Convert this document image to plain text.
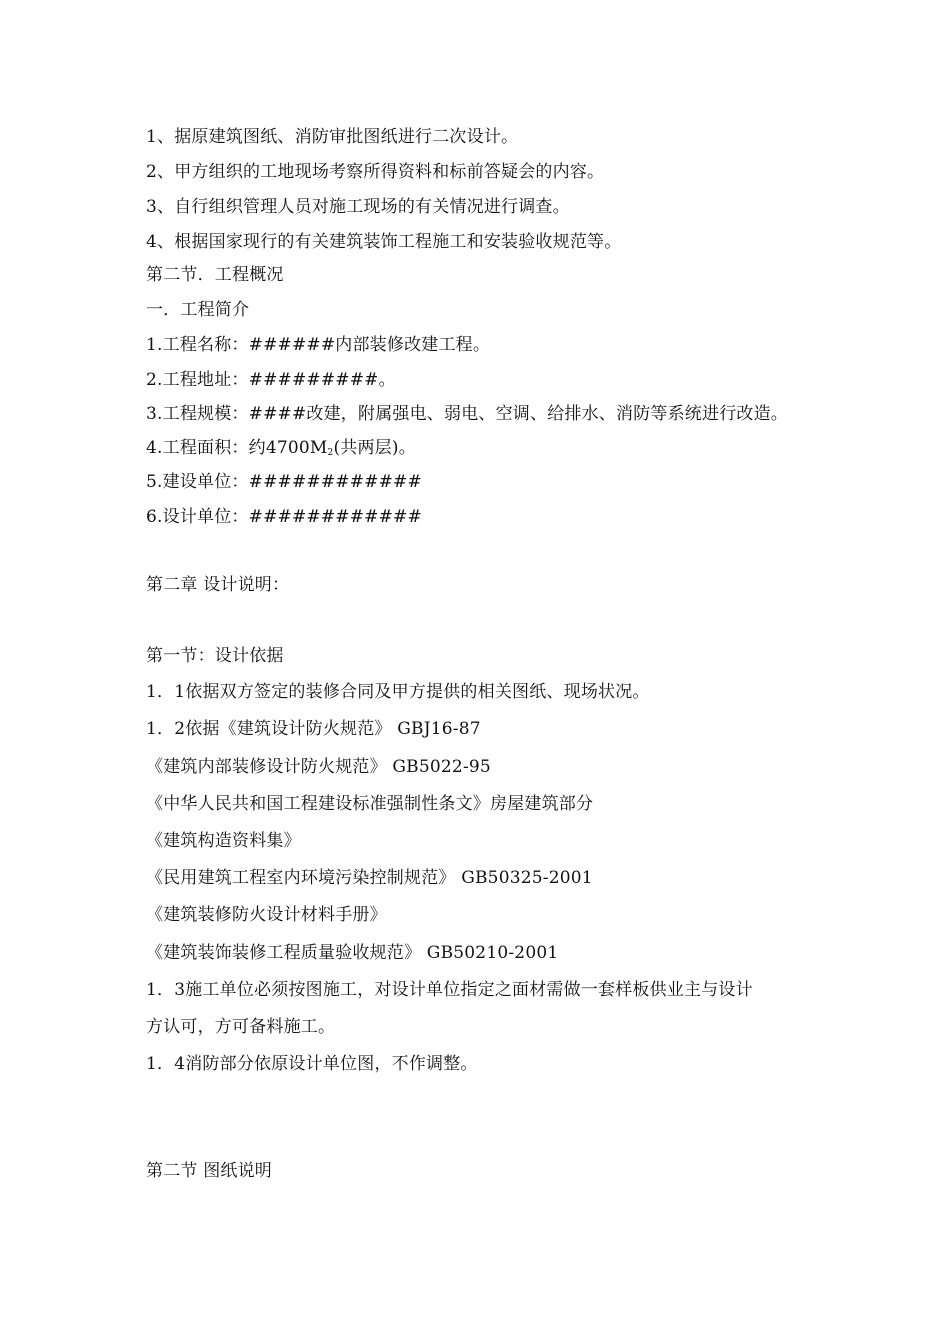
1、据原建筑图纸、消防审批图纸进行二次设计。
2、甲方组织的工地现场考察所得资料和标前答疑会的内容。
3、自行组织管理人员对施工现场的有关情况进行调查。
4、根据国家现行的有关建筑装饰工程施工和安装验收规范等。
第二节．工程概况
一．工程简介
1.工程名称：######内部装修改建工程。
2.工程地址：#########。
3.工程规模：####改建，附属强电、弱电、空调、给排水、消防等系统进行改造。
4.工程面积：约$4700M_2$(共两层)。
5.建设单位：############
6.设计单位：############
第二章 设计说明：
第一节：设计依据
1．1依据双方签定的装修合同及甲方提供的相关图纸、现场状况。
1．2依据《建筑设计防火规范》 GBJ16-87
《建筑内部装修设计防火规范》 GB5022-95
《中华人民共和国工程建设标准强制性条文》房屋建筑部分
《建筑构造资料集》
《民用建筑工程室内环境污染控制规范》 GB50325-2001
《建筑装修防火设计材料手册》
《建筑装饰装修工程质量验收规范》 GB50210-2001
1．3施工单位必须按图施工，对设计单位指定之面材需做一套样板供业主与设计
方认可，方可备料施工。
1．4消防部分依原设计单位图，不作调整。
第二节 图纸说明
